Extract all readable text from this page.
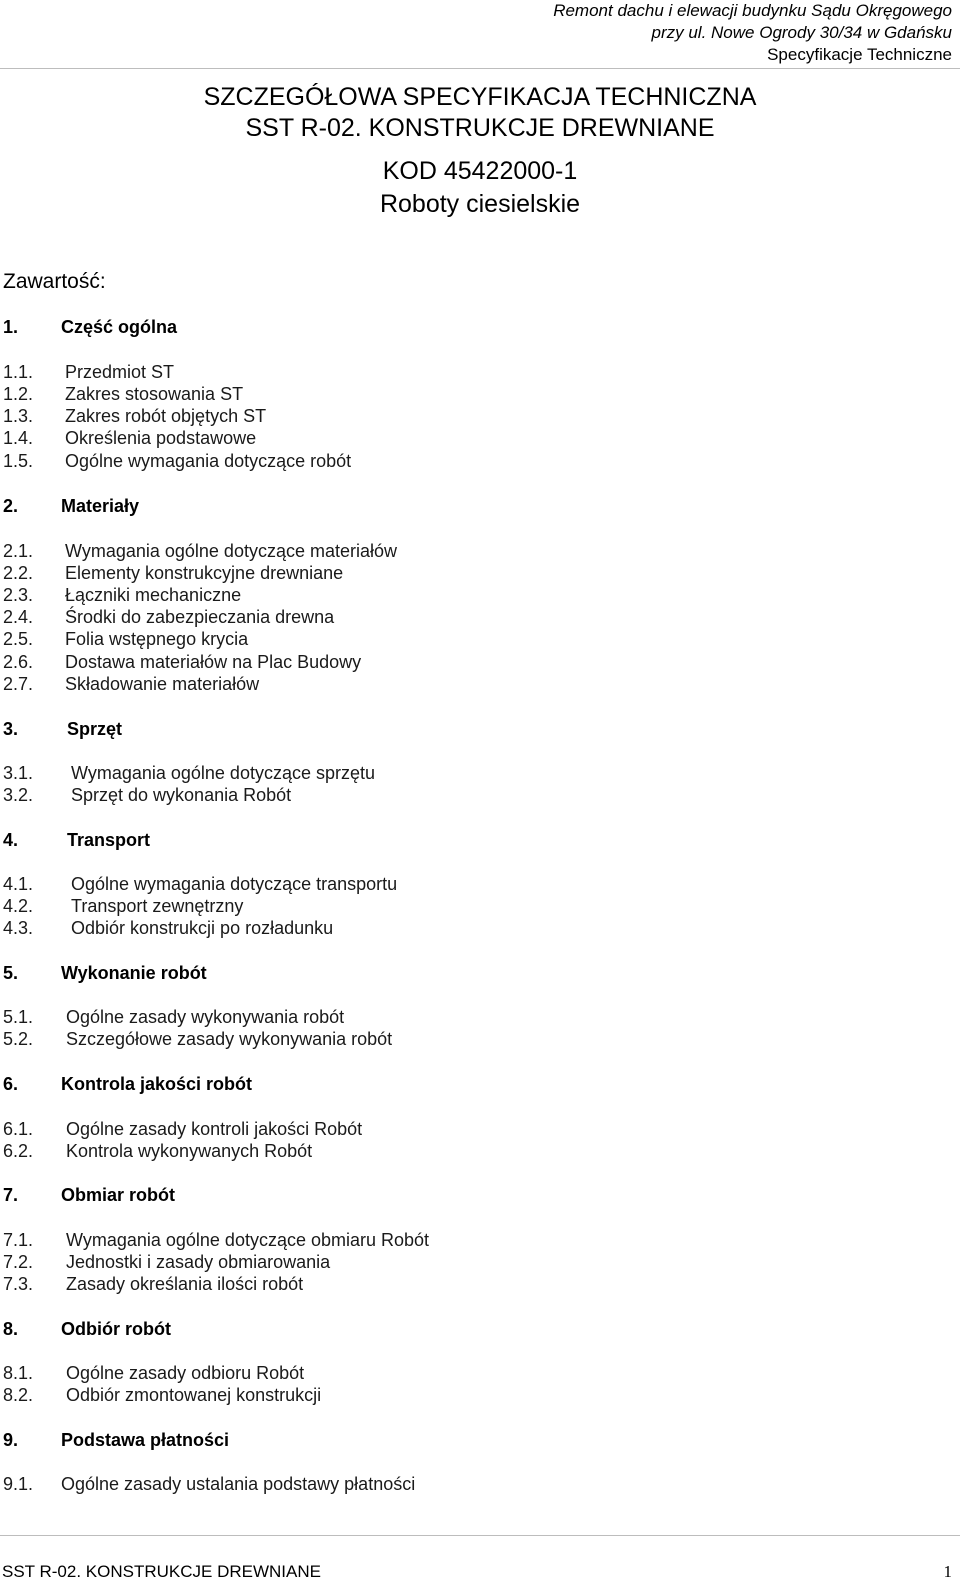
Remont dachu i elewacji budynku Sądu Okręgowego
przy ul. Nowe Ogrody 30/34 w Gdańsku
Specyfikacje Techniczne
SZCZEGÓŁOWA SPECYFIKACJA TECHNICZNA
SST R-02. KONSTRUKCJE DREWNIANE
KOD 45422000-1
Roboty ciesielskie
Zawartość:
1. Część ogólna
1.1. Przedmiot ST
1.2. Zakres stosowania ST
1.3. Zakres robót objętych ST
1.4. Określenia podstawowe
1.5. Ogólne wymagania dotyczące robót
2. Materiały
2.1. Wymagania ogólne dotyczące materiałów
2.2. Elementy konstrukcyjne drewniane
2.3. Łączniki mechaniczne
2.4. Środki do zabezpieczania drewna
2.5. Folia wstępnego krycia
2.6. Dostawa materiałów na Plac Budowy
2.7. Składowanie materiałów
3.	Sprzęt
3.1. Wymagania ogólne dotyczące sprzętu
3.2. Sprzęt do wykonania Robót
4.	Transport
4.1. Ogólne wymagania dotyczące transportu
4.2. Transport zewnętrzny
4.3. Odbiór konstrukcji po rozładunku
5. Wykonanie robót
5.1. Ogólne zasady wykonywania robót
5.2. Szczegółowe zasady wykonywania robót
6. Kontrola jakości robót
6.1. Ogólne zasady kontroli jakości Robót
6.2. Kontrola wykonywanych Robót
7. Obmiar robót
7.1. Wymagania ogólne dotyczące obmiaru Robót
7.2. Jednostki i zasady obmiarowania
7.3. Zasady określania ilości robót
8. Odbiór robót
8.1. Ogólne zasady odbioru Robót
8.2. Odbiór zmontowanej konstrukcji
9. Podstawa płatności
9.1. Ogólne zasady ustalania podstawy płatności
SST R-02. KONSTRUKCJE DREWNIANE	1
